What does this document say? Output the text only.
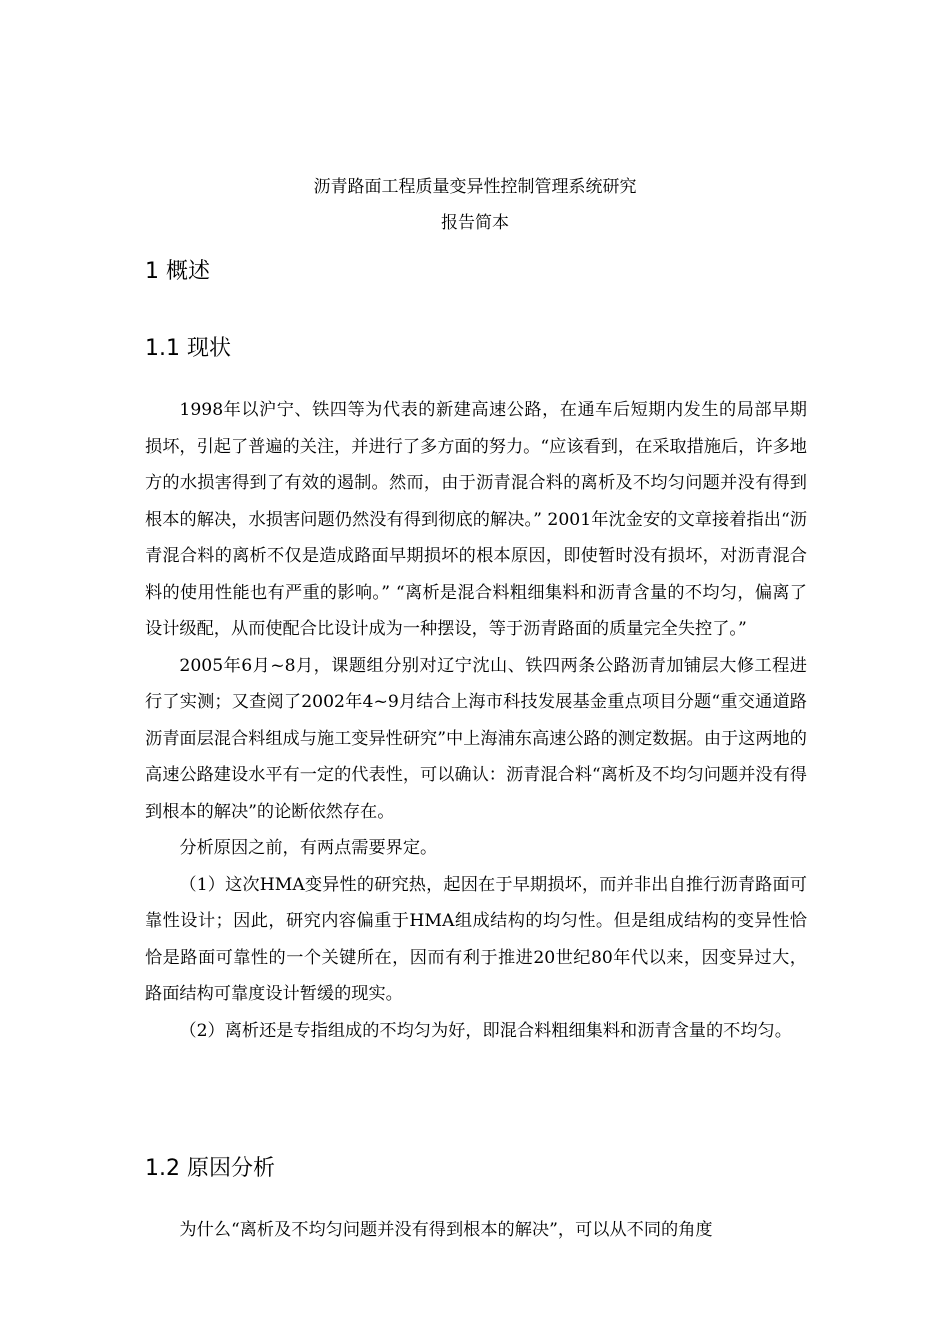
沥青路面工程质量变异性控制管理系统研究
报告简本
1 概述
1.1 现状

1998年以沪宁、铁四等为代表的新建高速公路，在通车后短期内发生的局部早期损坏，引起了普遍的关注，并进行了多方面的努力。“应该看到，在采取措施后，许多地方的水损害得到了有效的遏制。然而，由于沥青混合料的离析及不均匀问题并没有得到根本的解决，水损害问题仍然没有得到彻底的解决。” 2001年沈金安的文章接着指出“沥青混合料的离析不仅是造成路面早期损坏的根本原因，即使暂时没有损坏，对沥青混合料的使用性能也有严重的影响。” “离析是混合料粗细集料和沥青含量的不均匀，偏离了设计级配，从而使配合比设计成为一种摆设，等于沥青路面的质量完全失控了。”

2005年6月~8月，课题组分别对辽宁沈山、铁四两条公路沥青加铺层大修工程进行了实测；又查阅了2002年4~9月结合上海市科技发展基金重点项目分题“重交通道路沥青面层混合料组成与施工变异性研究”中上海浦东高速公路的测定数据。由于这两地的高速公路建设水平有一定的代表性，可以确认：沥青混合料“离析及不均匀问题并没有得到根本的解决”的论断依然存在。

分析原因之前，有两点需要界定。

（1）这次HMA变异性的研究热，起因在于早期损坏，而并非出自推行沥青路面可靠性设计；因此，研究内容偏重于HMA组成结构的均匀性。但是组成结构的变异性恰恰是路面可靠性的一个关键所在，因而有利于推进20世纪80年代以来，因变异过大，路面结构可靠度设计暂缓的现实。

（2）离析还是专指组成的不均匀为好，即混合料粗细集料和沥青含量的不均匀。

1.2 原因分析

为什么“离析及不均匀问题并没有得到根本的解决”，可以从不同的角度
